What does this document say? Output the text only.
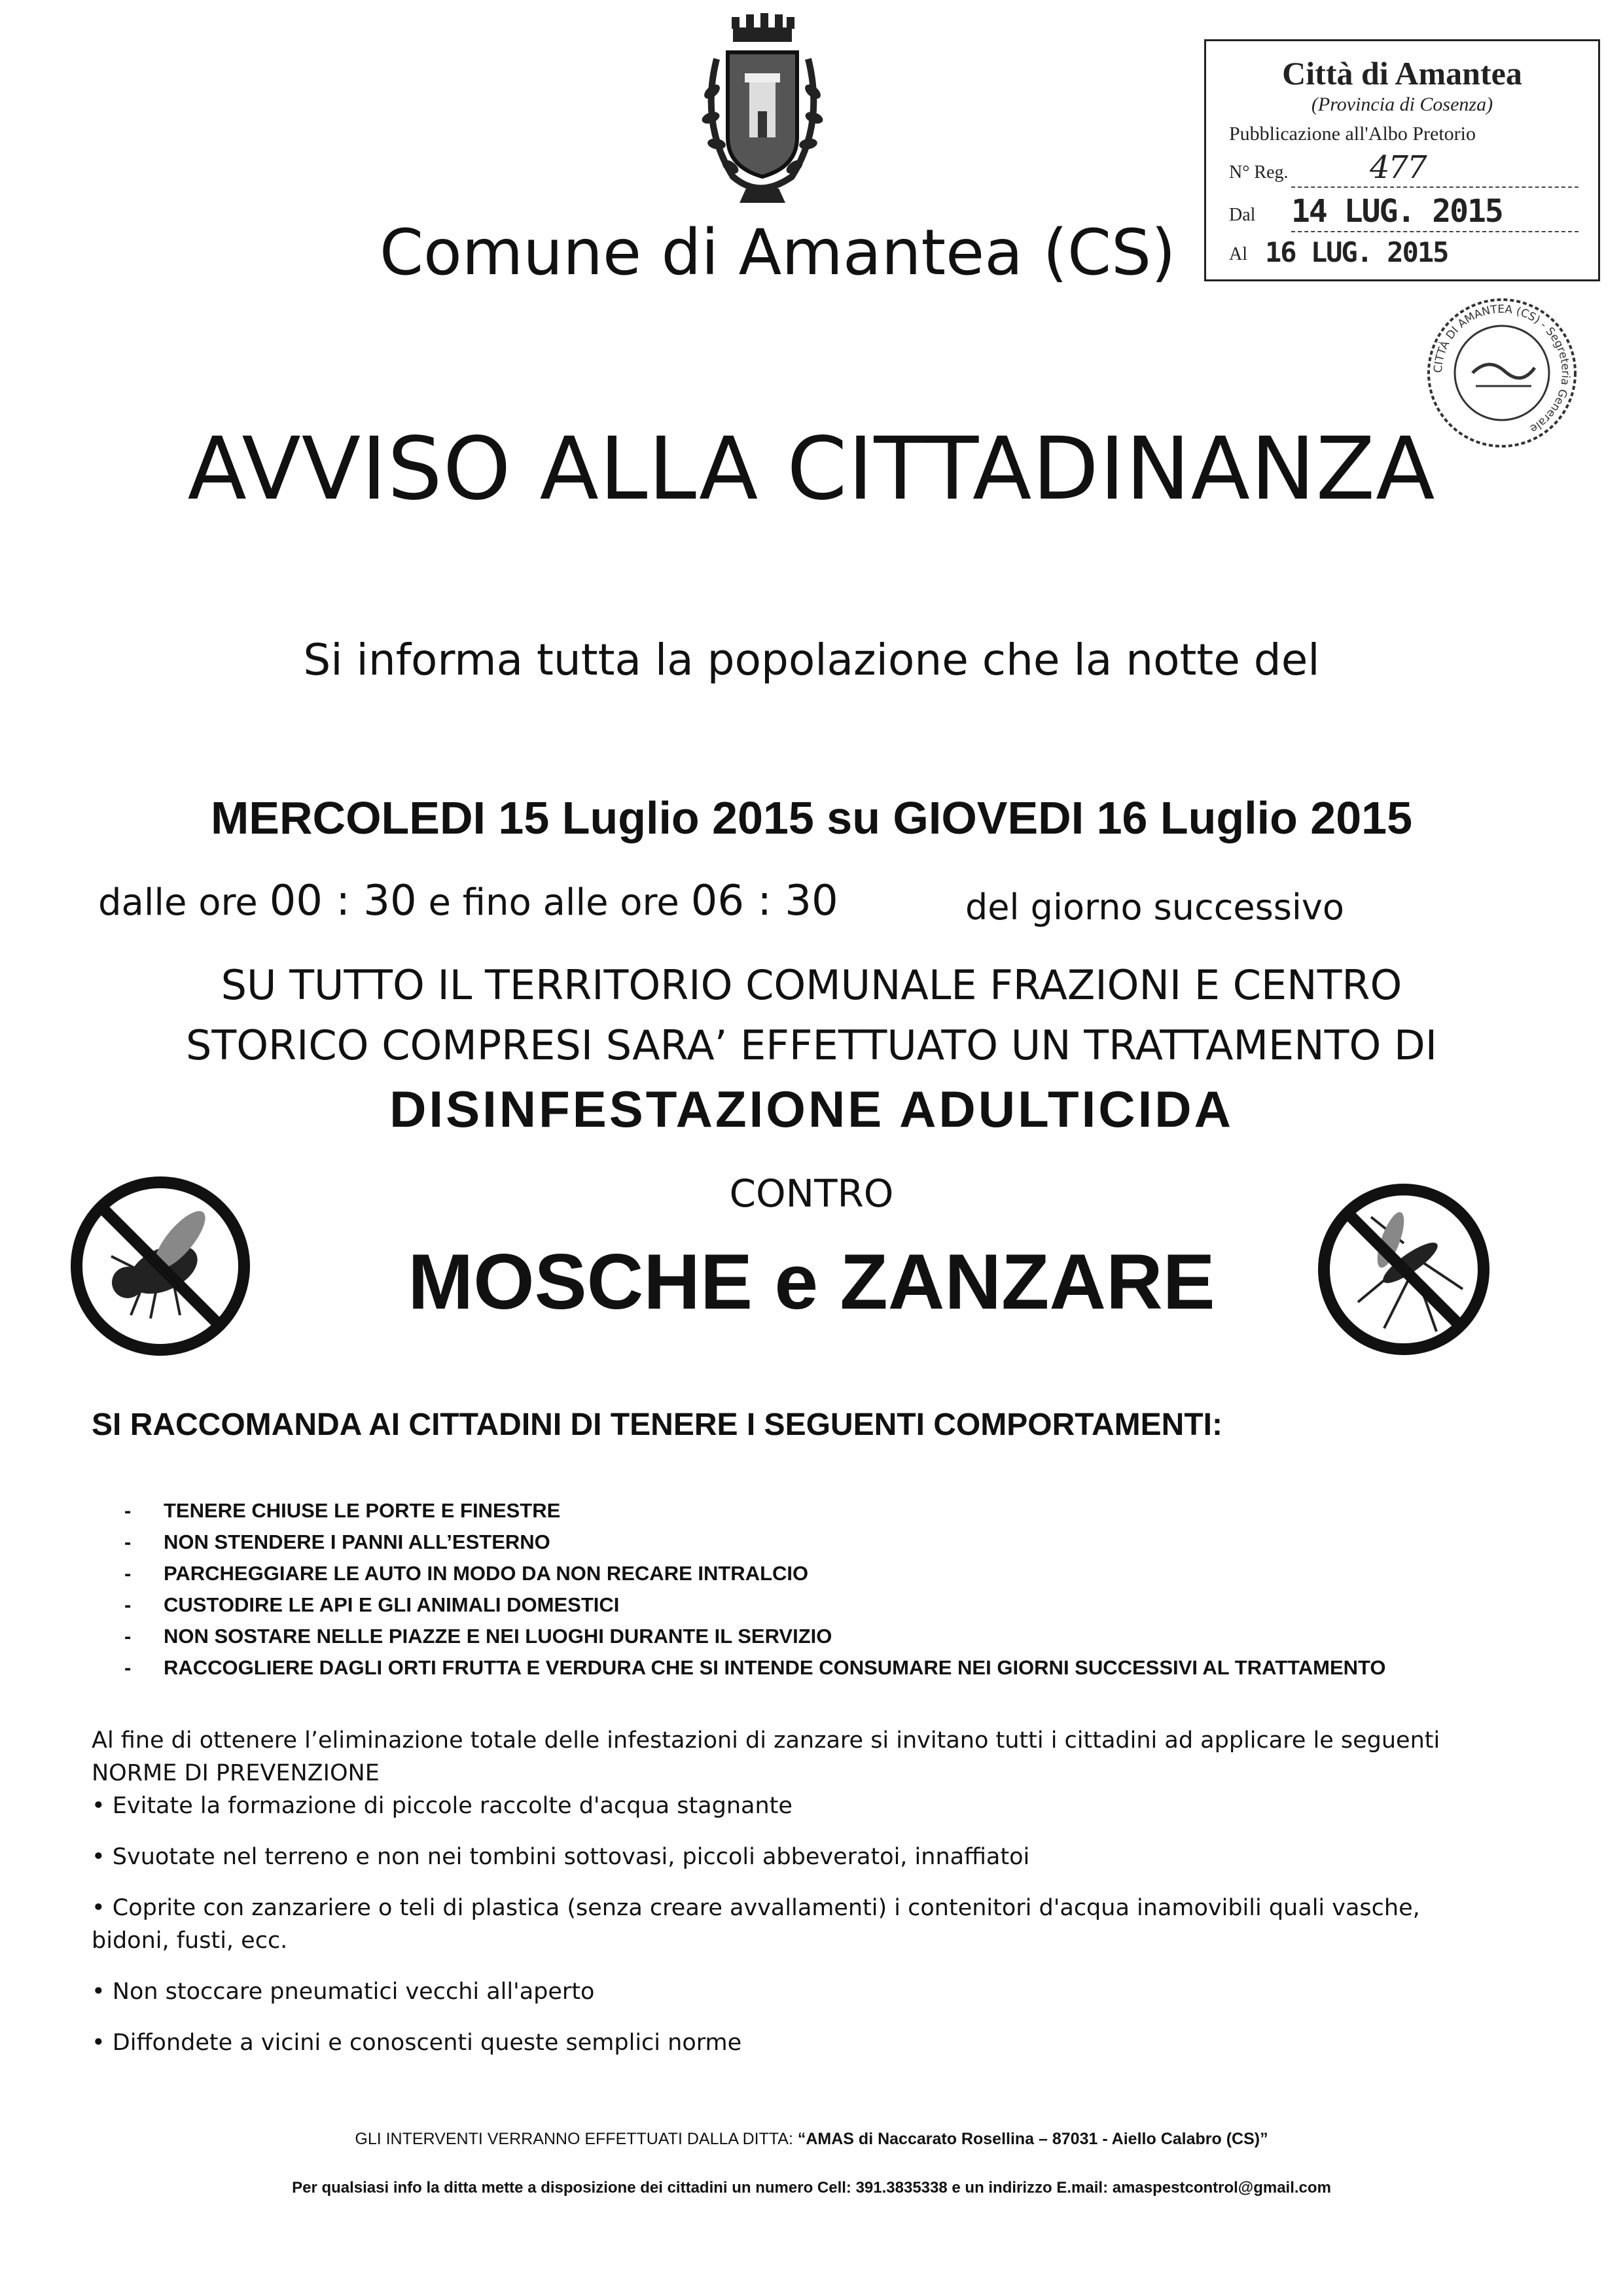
Comune di Amantea (CS)
Città di Amantea
(Provincia di Cosenza)
Pubblicazione all'Albo Pretorio
N° Reg.	477
Dal 14 LUG. 2015
Al 16 LUG. 2015
CITTÀ DI AMANTEA (CS) - Segreteria Generale
AVVISO ALLA CITTADINANZA
Si informa tutta la popolazione che la notte del
MERCOLEDI 15 Luglio 2015 su GIOVEDI 16 Luglio 2015
dalle ore 00 : 30 e fino alle ore 06 : 30	del giorno successivo
SU TUTTO IL TERRITORIO COMUNALE FRAZIONI E CENTRO
STORICO COMPRESI SARA’ EFFETTUATO UN TRATTAMENTO DI
DISINFESTAZIONE ADULTICIDA
CONTRO
MOSCHE e ZANZARE
SI RACCOMANDA AI CITTADINI DI TENERE I SEGUENTI COMPORTAMENTI:
- TENERE CHIUSE LE PORTE E FINESTRE
- NON STENDERE I PANNI ALL’ESTERNO
- PARCHEGGIARE LE AUTO IN MODO DA NON RECARE INTRALCIO
- CUSTODIRE LE API E GLI ANIMALI DOMESTICI
- NON SOSTARE NELLE PIAZZE E NEI LUOGHI DURANTE IL SERVIZIO
- RACCOGLIERE DAGLI ORTI FRUTTA E VERDURA CHE SI INTENDE CONSUMARE NEI GIORNI SUCCESSIVI AL TRATTAMENTO
Al fine di ottenere l’eliminazione totale delle infestazioni di zanzare si invitano tutti i cittadini ad applicare le seguenti NORME DI PREVENZIONE
• Evitate la formazione di piccole raccolte d'acqua stagnante
• Svuotate nel terreno e non nei tombini sottovasi, piccoli abbeveratoi, innaffiatoi
• Coprite con zanzariere o teli di plastica (senza creare avvallamenti) i contenitori d'acqua inamovibili quali vasche, bidoni, fusti, ecc.
• Non stoccare pneumatici vecchi all'aperto
• Diffondete a vicini e conoscenti queste semplici norme
GLI INTERVENTI VERRANNO EFFETTUATI DALLA DITTA: “AMAS di Naccarato Rosellina – 87031 - Aiello Calabro (CS)”
Per qualsiasi info la ditta mette a disposizione dei cittadini un numero Cell: 391.3835338 e un indirizzo E.mail: amaspestcontrol@gmail.com
